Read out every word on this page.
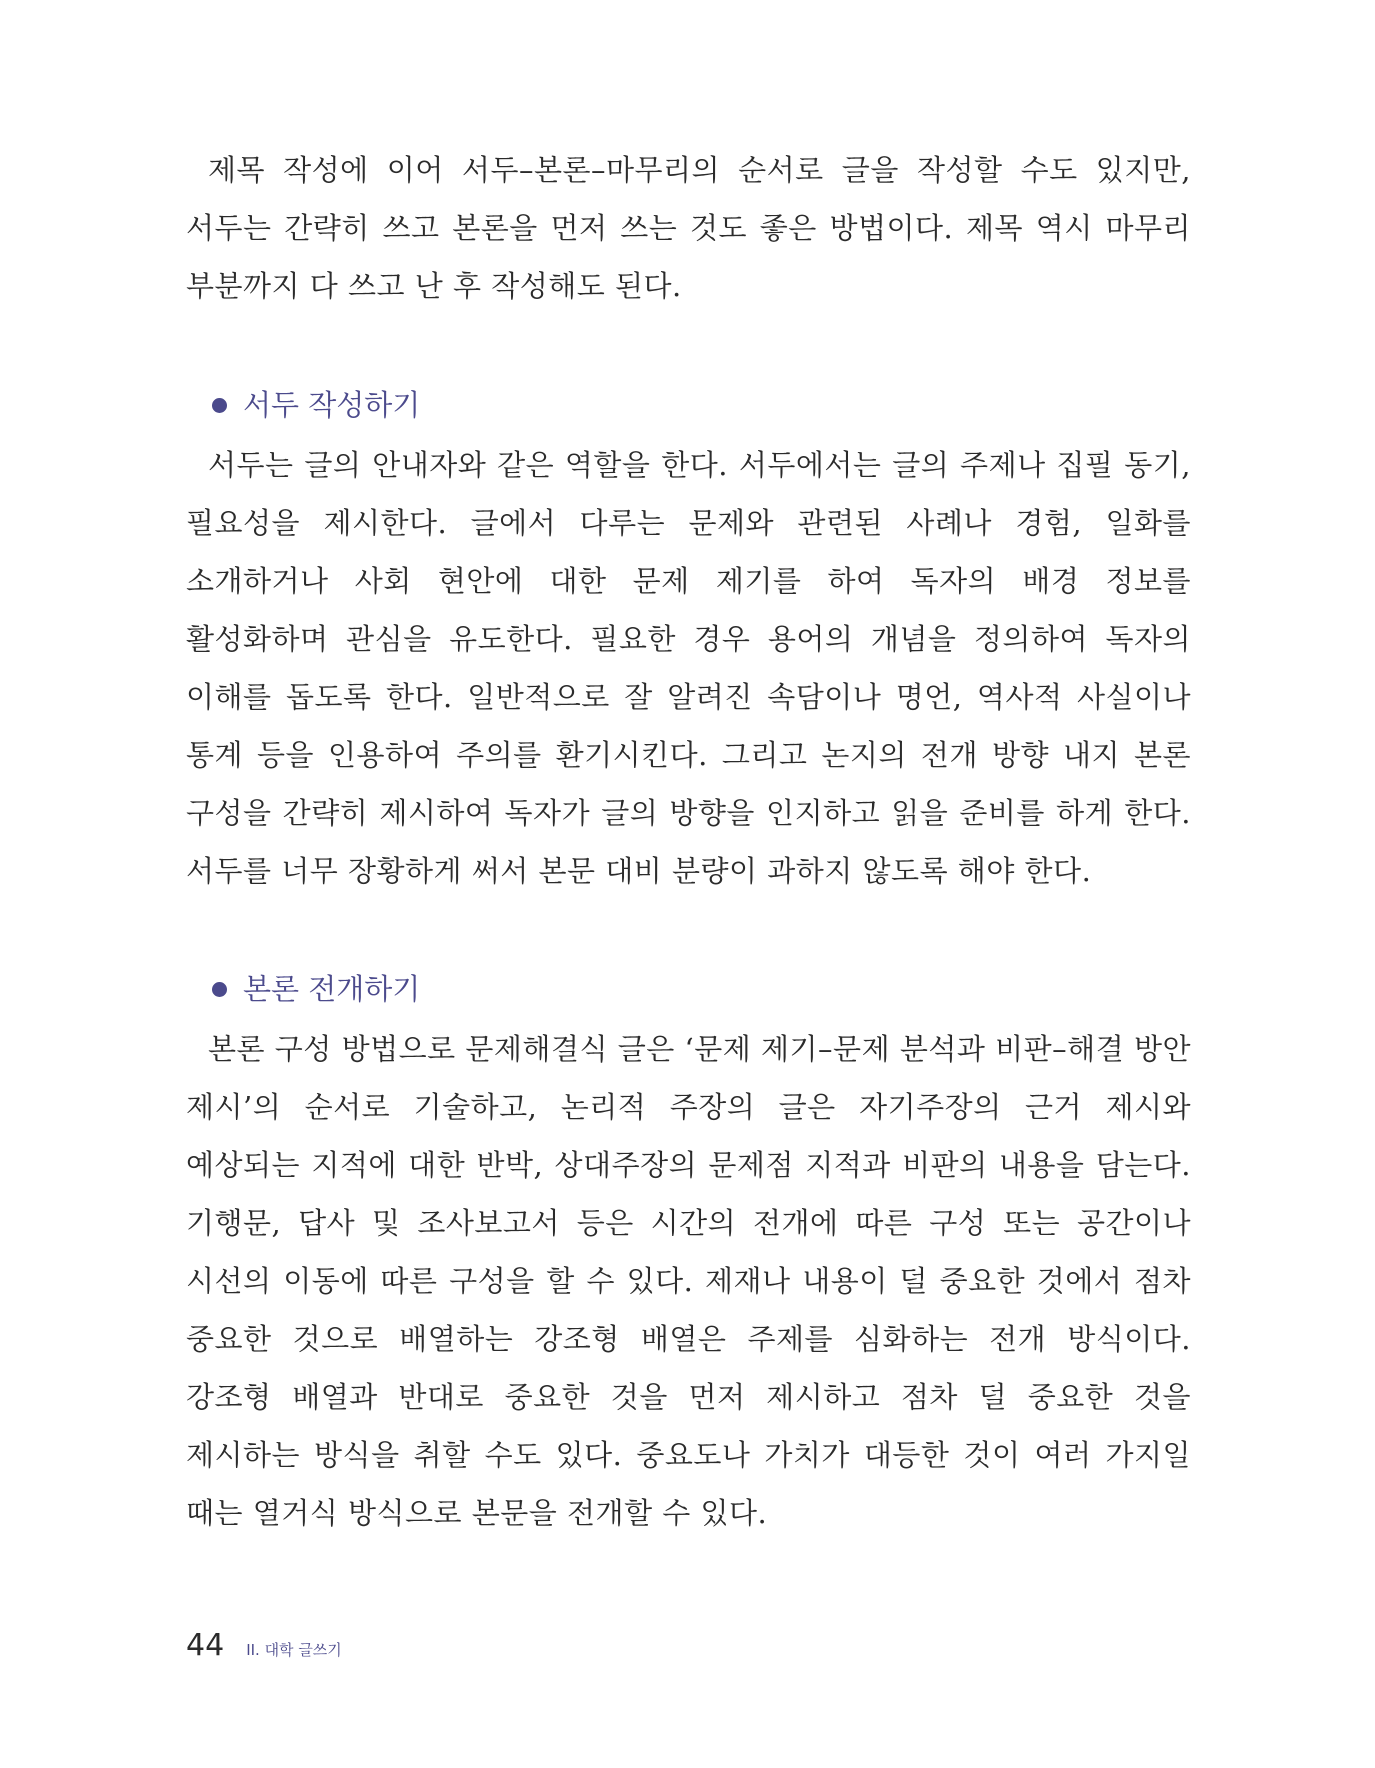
제목 작성에 이어 서두–본론–마무리의 순서로 글을 작성할 수도 있지만, 서두는 간략히 쓰고 본론을 먼저 쓰는 것도 좋은 방법이다. 제목 역시 마무리 부분까지 다 쓰고 난 후 작성해도 된다.

서두 작성하기

서두는 글의 안내자와 같은 역할을 한다. 서두에서는 글의 주제나 집필 동기, 필요성을 제시한다. 글에서 다루는 문제와 관련된 사례나 경험, 일화를 소개하거나 사회 현안에 대한 문제 제기를 하여 독자의 배경 정보를 활성화하며 관심을 유도한다. 필요한 경우 용어의 개념을 정의하여 독자의 이해를 돕도록 한다. 일반적으로 잘 알려진 속담이나 명언, 역사적 사실이나 통계 등을 인용하여 주의를 환기시킨다. 그리고 논지의 전개 방향 내지 본론 구성을 간략히 제시하여 독자가 글의 방향을 인지하고 읽을 준비를 하게 한다. 서두를 너무 장황하게 써서 본문 대비 분량이 과하지 않도록 해야 한다.

본론 전개하기

본론 구성 방법으로 문제해결식 글은 ‘문제 제기–문제 분석과 비판–해결 방안 제시’의 순서로 기술하고, 논리적 주장의 글은 자기주장의 근거 제시와 예상되는 지적에 대한 반박, 상대주장의 문제점 지적과 비판의 내용을 담는다. 기행문, 답사 및 조사보고서 등은 시간의 전개에 따른 구성 또는 공간이나 시선의 이동에 따른 구성을 할 수 있다. 제재나 내용이 덜 중요한 것에서 점차 중요한 것으로 배열하는 강조형 배열은 주제를 심화하는 전개 방식이다. 강조형 배열과 반대로 중요한 것을 먼저 제시하고 점차 덜 중요한 것을 제시하는 방식을 취할 수도 있다. 중요도나 가치가 대등한 것이 여러 가지일 때는 열거식 방식으로 본문을 전개할 수 있다.

44 II. 대학 글쓰기
